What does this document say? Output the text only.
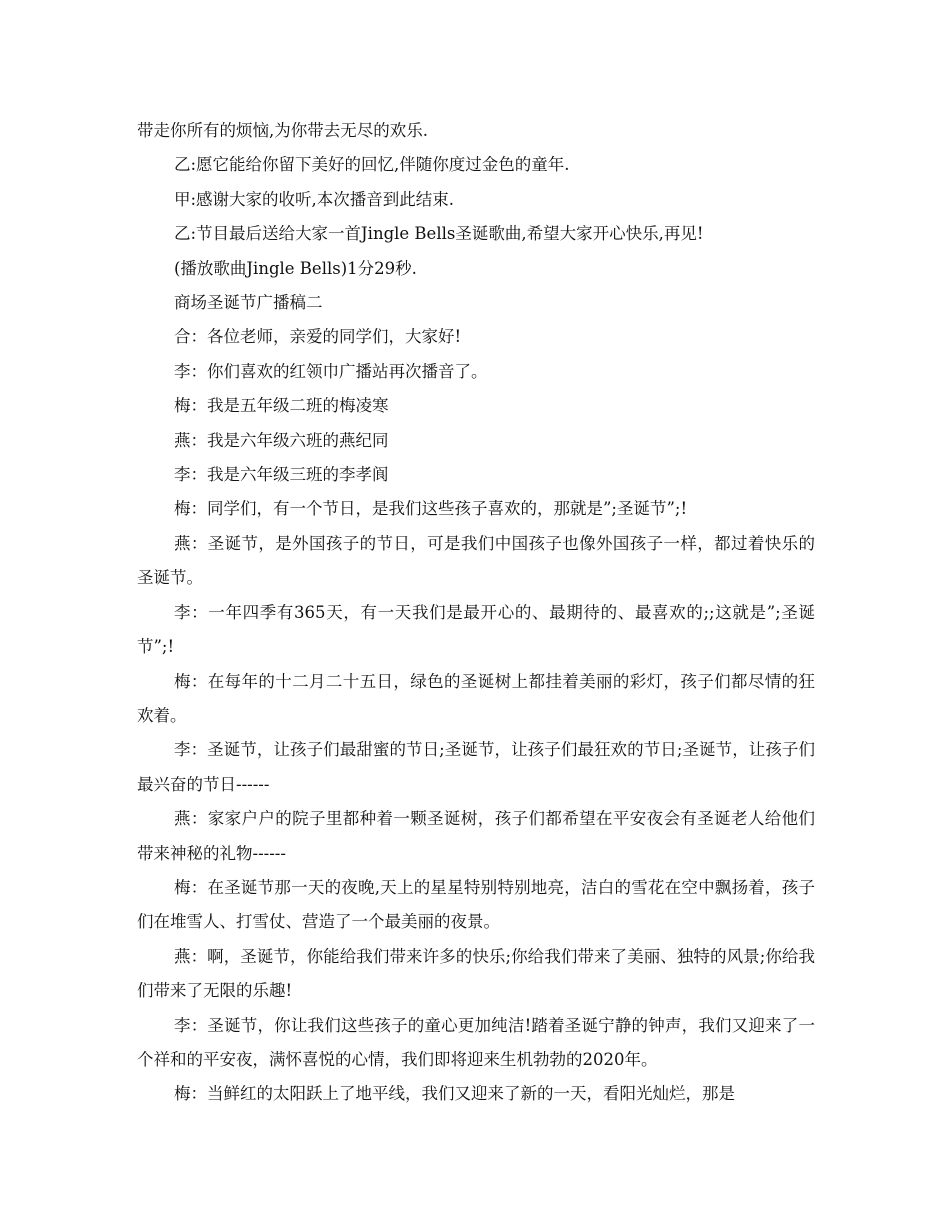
带走你所有的烦恼,为你带去无尽的欢乐.

乙:愿它能给你留下美好的回忆,伴随你度过金色的童年.

甲:感谢大家的收听,本次播音到此结束.

乙:节目最后送给大家一首Jingle Bells圣诞歌曲,希望大家开心快乐,再见!

(播放歌曲Jingle Bells)1分29秒.

商场圣诞节广播稿二

合：各位老师，亲爱的同学们，大家好!

李：你们喜欢的红领巾广播站再次播音了。

梅：我是五年级二班的梅凌寒

燕：我是六年级六班的燕纪同

李：我是六年级三班的李孝阆

梅：同学们，有一个节日，是我们这些孩子喜欢的，那就是”;圣诞节”;!

燕：圣诞节，是外国孩子的节日，可是我们中国孩子也像外国孩子一样，都过着快乐的圣诞节。

李：一年四季有365天，有一天我们是最开心的、最期待的、最喜欢的;;这就是”;圣诞节”;!

梅：在每年的十二月二十五日，绿色的圣诞树上都挂着美丽的彩灯，孩子们都尽情的狂欢着。

李：圣诞节，让孩子们最甜蜜的节日;圣诞节，让孩子们最狂欢的节日;圣诞节，让孩子们最兴奋的节日------

燕：家家户户的院子里都种着一颗圣诞树，孩子们都希望在平安夜会有圣诞老人给他们带来神秘的礼物------

梅：在圣诞节那一天的夜晚,天上的星星特别特别地亮，洁白的雪花在空中飘扬着，孩子们在堆雪人、打雪仗、营造了一个最美丽的夜景。

燕：啊，圣诞节，你能给我们带来许多的快乐;你给我们带来了美丽、独特的风景;你给我们带来了无限的乐趣!

李：圣诞节，你让我们这些孩子的童心更加纯洁!踏着圣诞宁静的钟声，我们又迎来了一个祥和的平安夜，满怀喜悦的心情，我们即将迎来生机勃勃的2020年。

梅：当鲜红的太阳跃上了地平线，我们又迎来了新的一天，看阳光灿烂，那是
